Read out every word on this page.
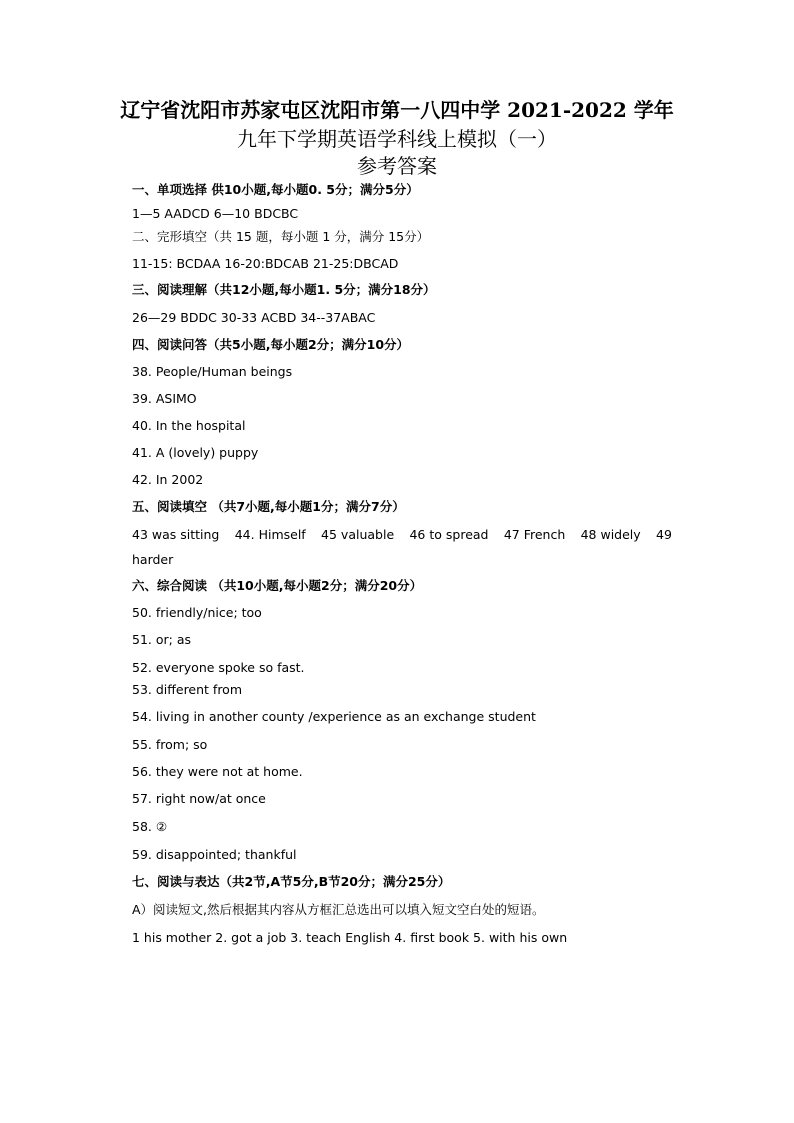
辽宁省沈阳市苏家屯区沈阳市第一八四中学 2021-2022 学年
九年下学期英语学科线上模拟（一）
参考答案
一、单项选择 供10小题,每小题0. 5分；满分5分）
1—5 AADCD 6—10 BDCBC
二、完形填空（共 15 题，每小题 1 分，满分 15分）
11-15: BCDAA 16-20:BDCAB 21-25:DBCAD
三、阅读理解（共12小题,每小题1. 5分；满分18分）
26—29 BDDC 30-33 ACBD 34--37ABAC
四、阅读问答（共5小题,每小题2分；满分10分）
38. People/Human beings
39. ASIMO
40. In the hospital
41. A (lovely) puppy
42. In 2002
五、阅读填空 （共7小题,每小题1分；满分7分）
43 was sitting 44. Himself 45 valuable 46 to spread 47 French 48 widely 49
harder
六、综合阅读 （共10小题,每小题2分；满分20分）
50. friendly/nice; too
51. or; as
52. everyone spoke so fast.
53. different from
54. living in another county /experience as an exchange student
55. from; so
56. they were not at home.
57. right now/at once
58. ②
59. disappointed; thankful
七、阅读与表达（共2节,A节5分,B节20分；满分25分）
A）阅读短文,然后根据其内容从方框汇总选出可以填入短文空白处的短语。
1 his mother 2. got a job 3. teach English 4. first book 5. with his own
